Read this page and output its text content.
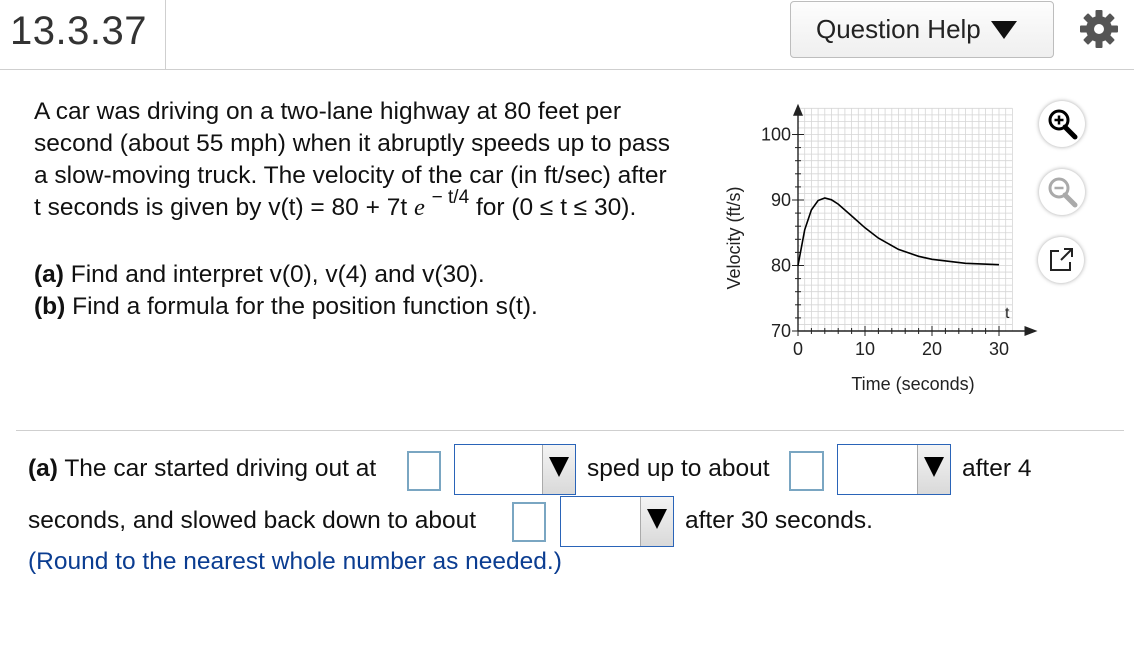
13.3.37	Question Help

A car was driving on a two-lane highway at 80 feet per

second (about 55 mph) when it abruptly speeds up to pass

a slow-moving truck. The velocity of the car (in ft/sec) after

t seconds is given by v(t) = 80 + 7t e $^{- t/4}$ for (0 ≤ t ≤ 30).

(a) Find and interpret v(0), v(4) and v(30).
(b) Find a formula for the position function s(t).
0	10	20	30
70
80
90
100
Velocity (ft/s)
Time (seconds)
t
(a) The car started driving out at	sped up to about	after 4
seconds, and slowed back down to about	after 30 seconds.
(Round to the nearest whole number as needed.)
